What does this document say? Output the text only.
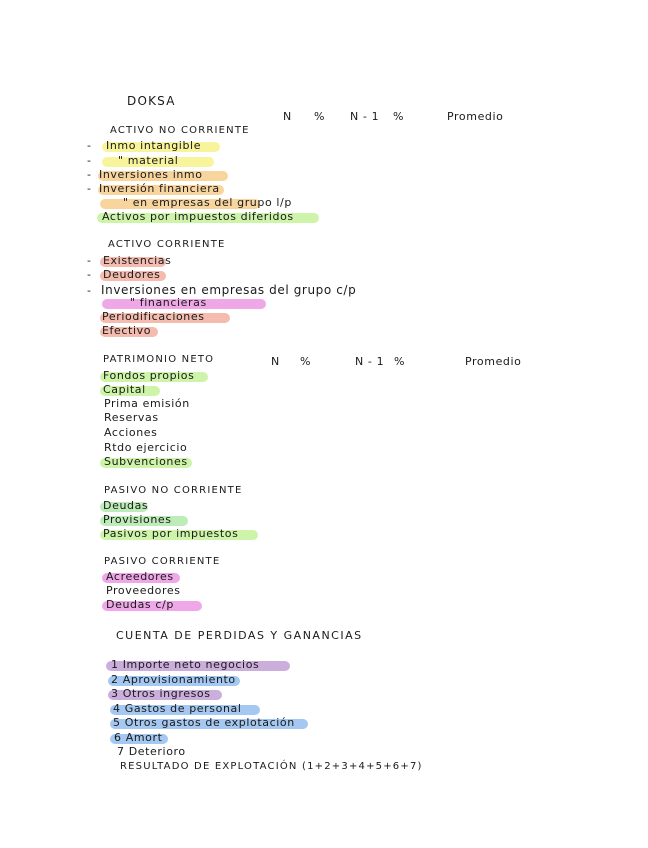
DOKSA
N % N - 1 %	Promedio
ACTIVO NO CORRIENTE
- Inmo intangible
- " material
- Inversiones inmo
- Inversión financiera
" en empresas del grupo l/p
Activos por impuestos diferidos
ACTIVO CORRIENTE
- Existencias
- Deudores
- Inversiones en empresas del grupo c/p
" financieras
Periodificaciones
Efectivo
PATRIMONIO NETO	N %	N - 1 %	Promedio
Fondos propios
Capital
Prima emisión
Reservas
Acciones
Rtdo ejercicio
Subvenciones
PASIVO NO CORRIENTE
Deudas
Provisiones
Pasivos por impuestos
PASIVO CORRIENTE
Acreedores
Proveedores
Deudas c/p
CUENTA DE PERDIDAS Y GANANCIAS
1 Importe neto negocios
2 Aprovisionamiento
3 Otros ingresos
4 Gastos de personal
5 Otros gastos de explotación
6 Amort
7 Deterioro
RESULTADO DE EXPLOTACIÓN (1+2+3+4+5+6+7)
